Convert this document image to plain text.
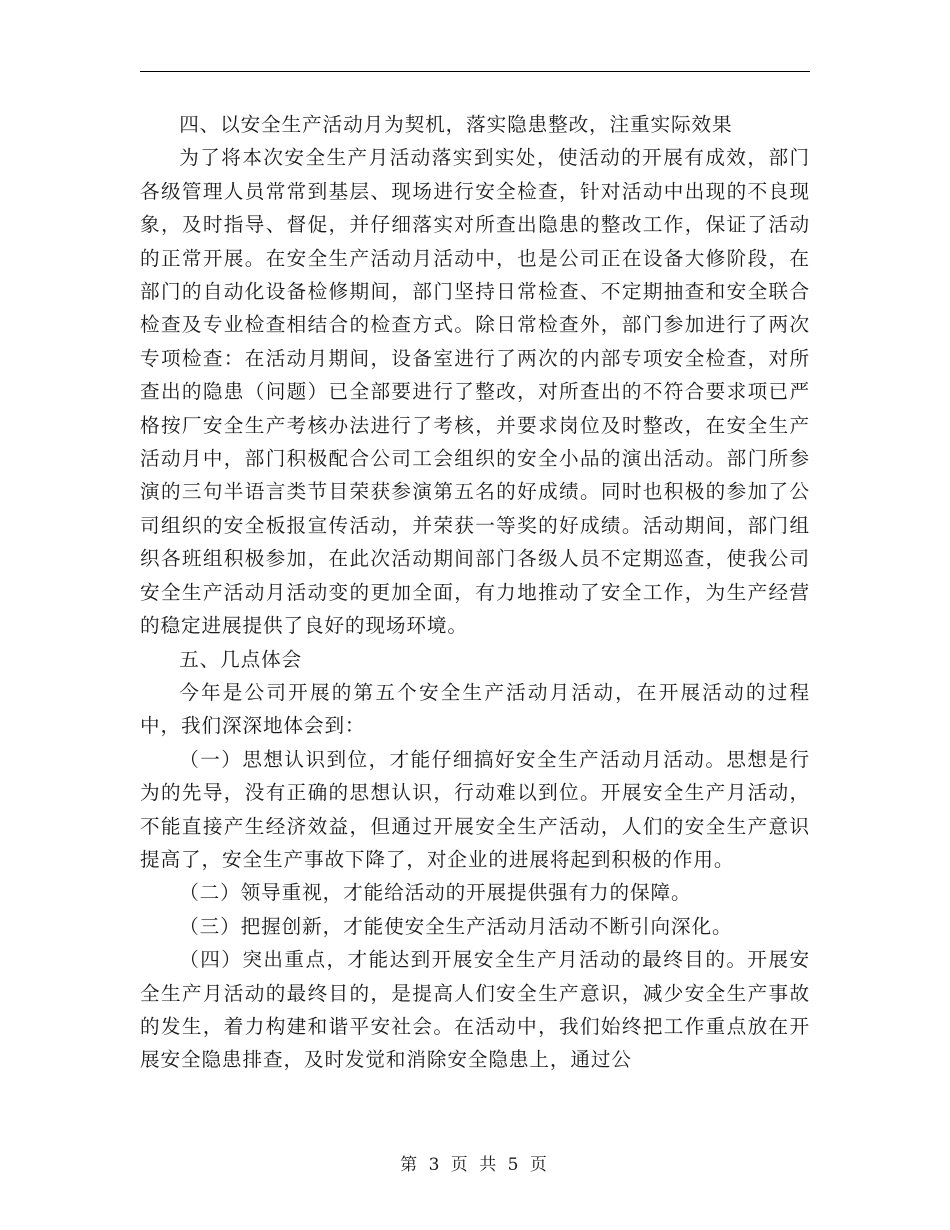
四、以安全生产活动月为契机，落实隐患整改，注重实际效果

为了将本次安全生产月活动落实到实处，使活动的开展有成效，部门各级管理人员常常到基层、现场进行安全检查，针对活动中出现的不良现象，及时指导、督促，并仔细落实对所查出隐患的整改工作，保证了活动的正常开展。在安全生产活动月活动中，也是公司正在设备大修阶段，在部门的自动化设备检修期间，部门坚持日常检查、不定期抽查和安全联合检查及专业检查相结合的检查方式。除日常检查外，部门参加进行了两次专项检查：在活动月期间，设备室进行了两次的内部专项安全检查，对所查出的隐患（问题）已全部要进行了整改，对所查出的不符合要求项已严格按厂安全生产考核办法进行了考核，并要求岗位及时整改，在安全生产活动月中，部门积极配合公司工会组织的安全小品的演出活动。部门所参演的三句半语言类节目荣获参演第五名的好成绩。同时也积极的参加了公司组织的安全板报宣传活动，并荣获一等奖的好成绩。活动期间，部门组织各班组积极参加，在此次活动期间部门各级人员不定期巡查，使我公司安全生产活动月活动变的更加全面，有力地推动了安全工作，为生产经营的稳定进展提供了良好的现场环境。

五、几点体会

今年是公司开展的第五个安全生产活动月活动，在开展活动的过程中，我们深深地体会到：

（一）思想认识到位，才能仔细搞好安全生产活动月活动。思想是行为的先导，没有正确的思想认识，行动难以到位。开展安全生产月活动，不能直接产生经济效益，但通过开展安全生产活动，人们的安全生产意识提高了，安全生产事故下降了，对企业的进展将起到积极的作用。

（二）领导重视，才能给活动的开展提供强有力的保障。

（三）把握创新，才能使安全生产活动月活动不断引向深化。

（四）突出重点，才能达到开展安全生产月活动的最终目的。开展安全生产月活动的最终目的，是提高人们安全生产意识，减少安全生产事故的发生，着力构建和谐平安社会。在活动中，我们始终把工作重点放在开展安全隐患排查，及时发觉和消除安全隐患上，通过公

第 3 页 共 5 页
